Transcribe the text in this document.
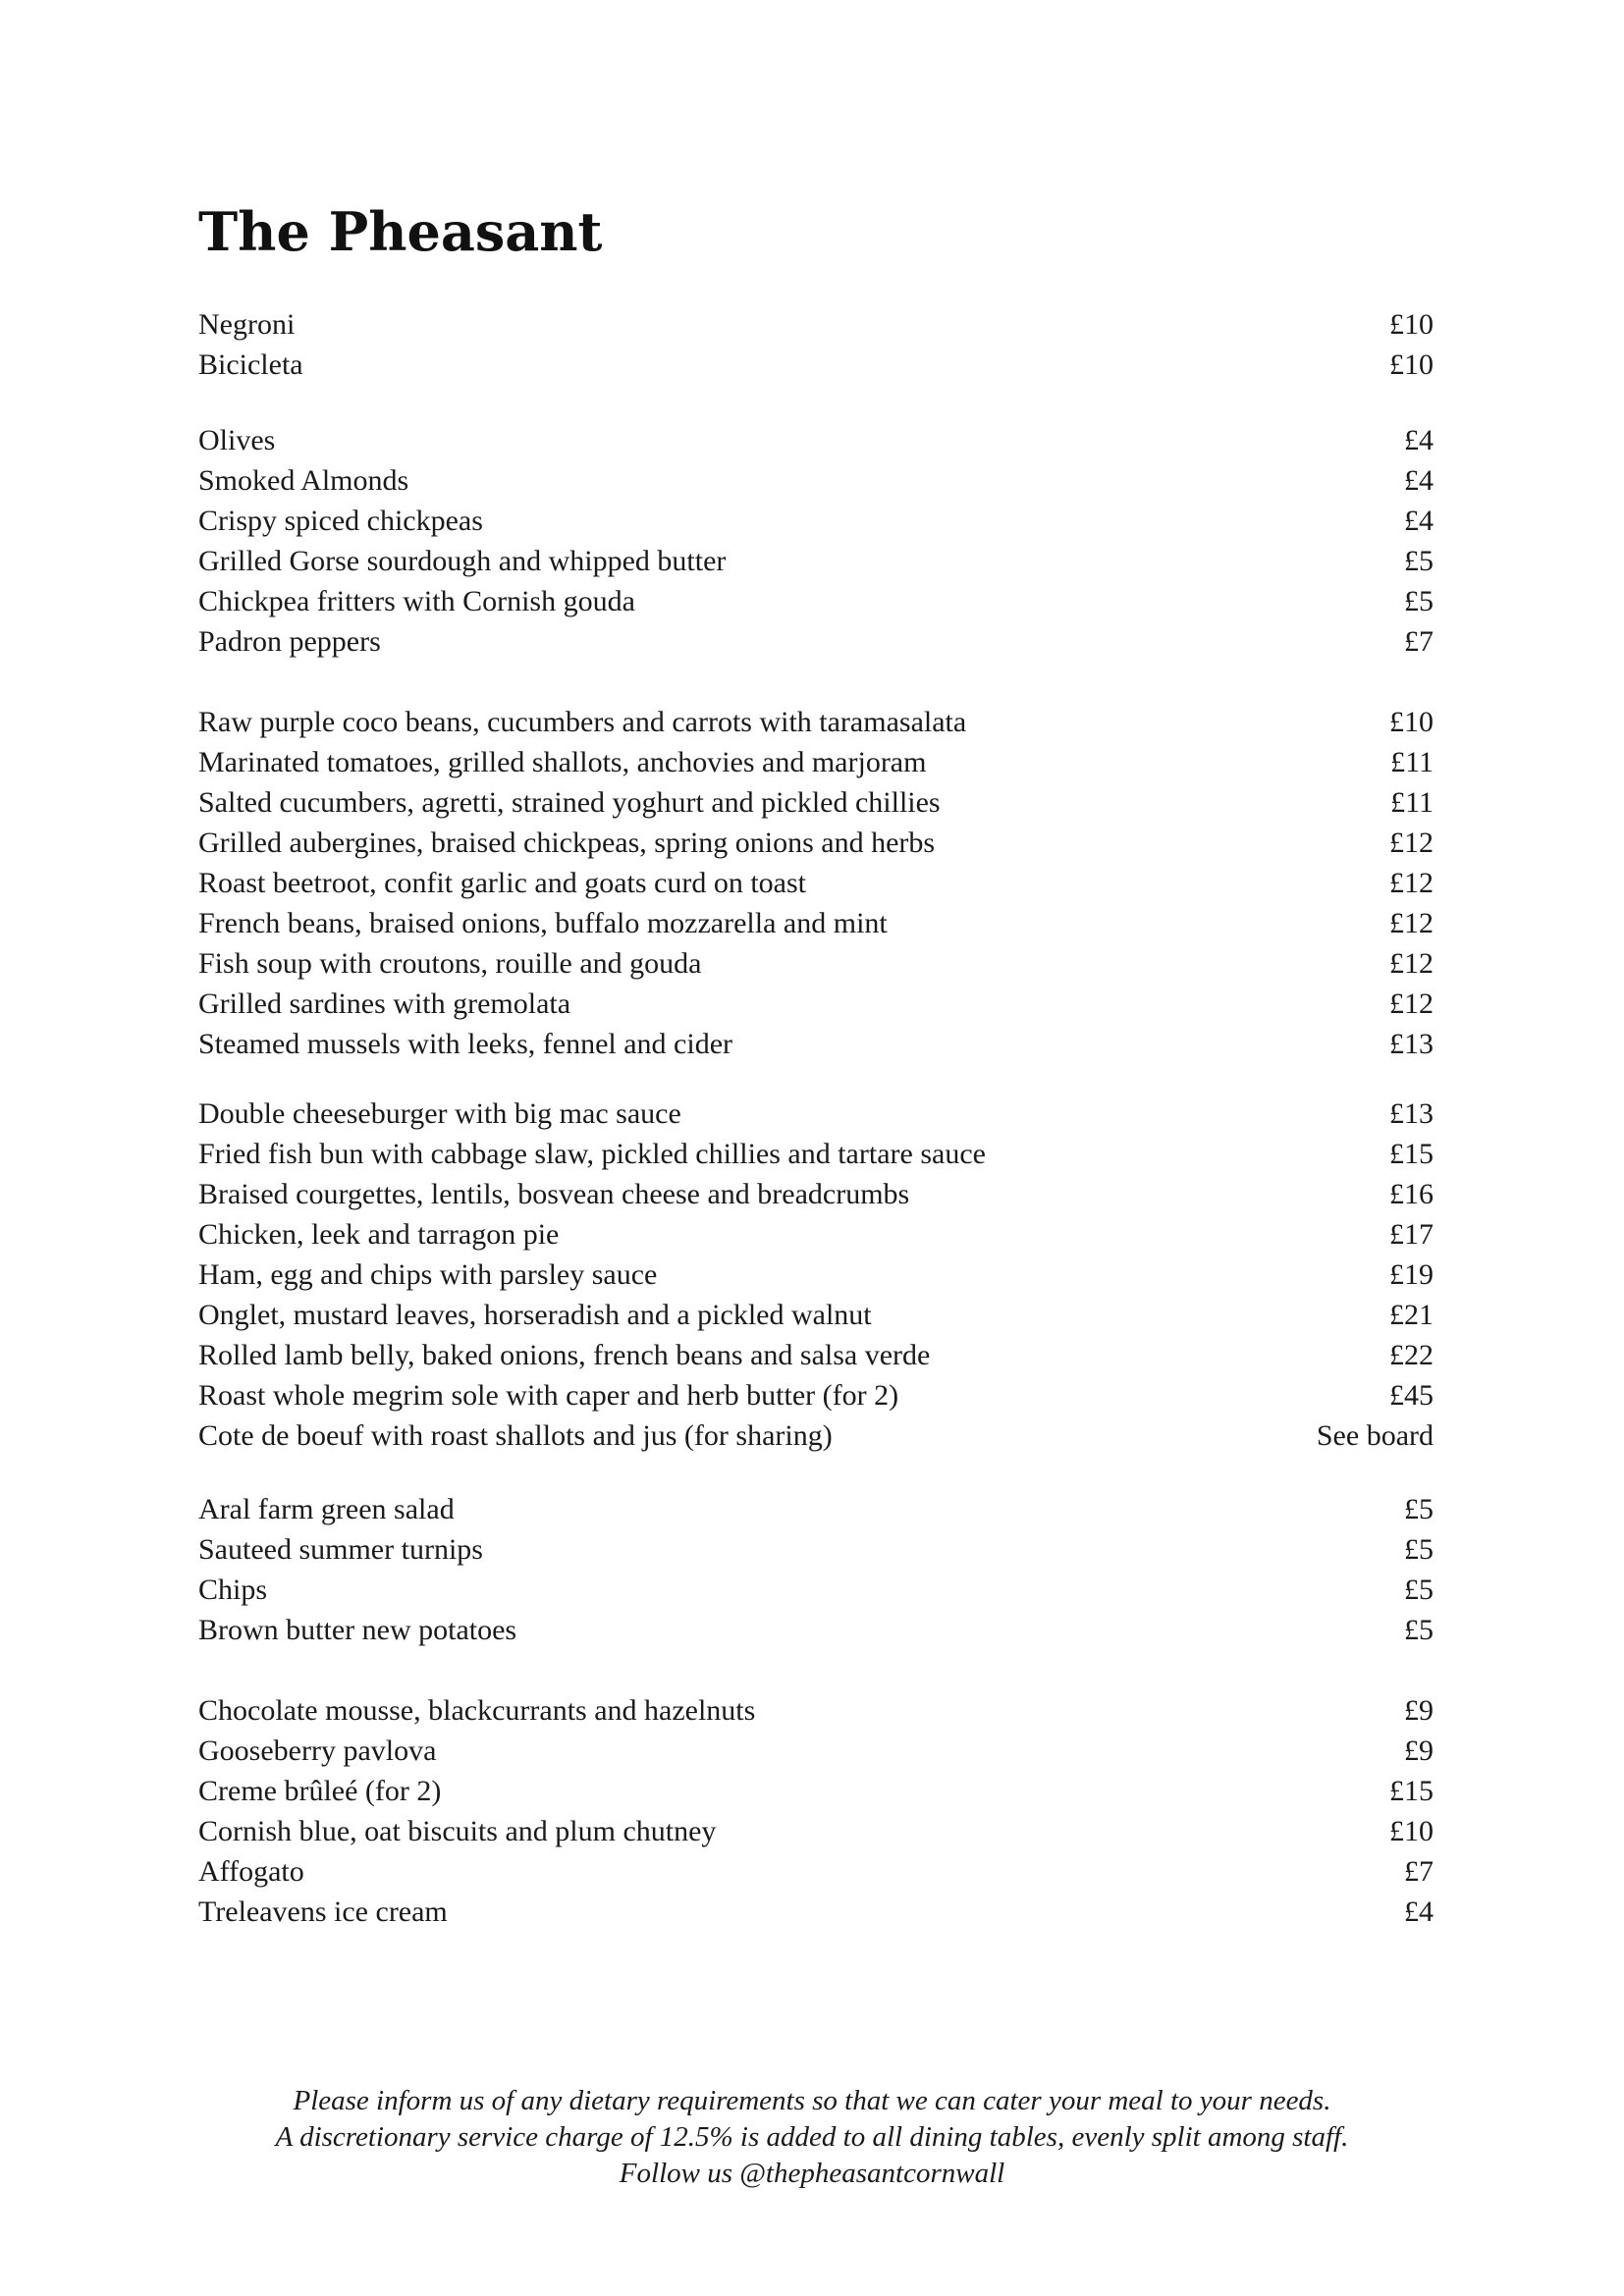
The Pheasant
Negroni	£10
Bicicleta	£10
Olives	£4
Smoked Almonds	£4
Crispy spiced chickpeas	£4
Grilled Gorse sourdough and whipped butter	£5
Chickpea fritters with Cornish gouda	£5
Padron peppers	£7
Raw purple coco beans, cucumbers and carrots with taramasalata	£10
Marinated tomatoes, grilled shallots, anchovies and marjoram	£11
Salted cucumbers, agretti, strained yoghurt and pickled chillies	£11
Grilled aubergines, braised chickpeas, spring onions and herbs	£12
Roast beetroot, confit garlic and goats curd on toast	£12
French beans, braised onions, buffalo mozzarella and mint	£12
Fish soup with croutons, rouille and gouda	£12
Grilled sardines with gremolata	£12
Steamed mussels with leeks, fennel and cider	£13
Double cheeseburger with big mac sauce	£13
Fried fish bun with cabbage slaw, pickled chillies and tartare sauce	£15
Braised courgettes, lentils, bosvean cheese and breadcrumbs	£16
Chicken, leek and tarragon pie	£17
Ham, egg and chips with parsley sauce	£19
Onglet, mustard leaves, horseradish and a pickled walnut	£21
Rolled lamb belly, baked onions, french beans and salsa verde	£22
Roast whole megrim sole with caper and herb butter (for 2)	£45
Cote de boeuf with roast shallots and jus (for sharing)	See board
Aral farm green salad	£5
Sauteed summer turnips	£5
Chips	£5
Brown butter new potatoes	£5
Chocolate mousse, blackcurrants and hazelnuts	£9
Gooseberry pavlova	£9
Creme brûleé (for 2)	£15
Cornish blue, oat biscuits and plum chutney	£10
Affogato	£7
Treleavens ice cream	£4
Please inform us of any dietary requirements so that we can cater your meal to your needs.
A discretionary service charge of 12.5% is added to all dining tables, evenly split among staff.
Follow us @thepheasantcornwall
